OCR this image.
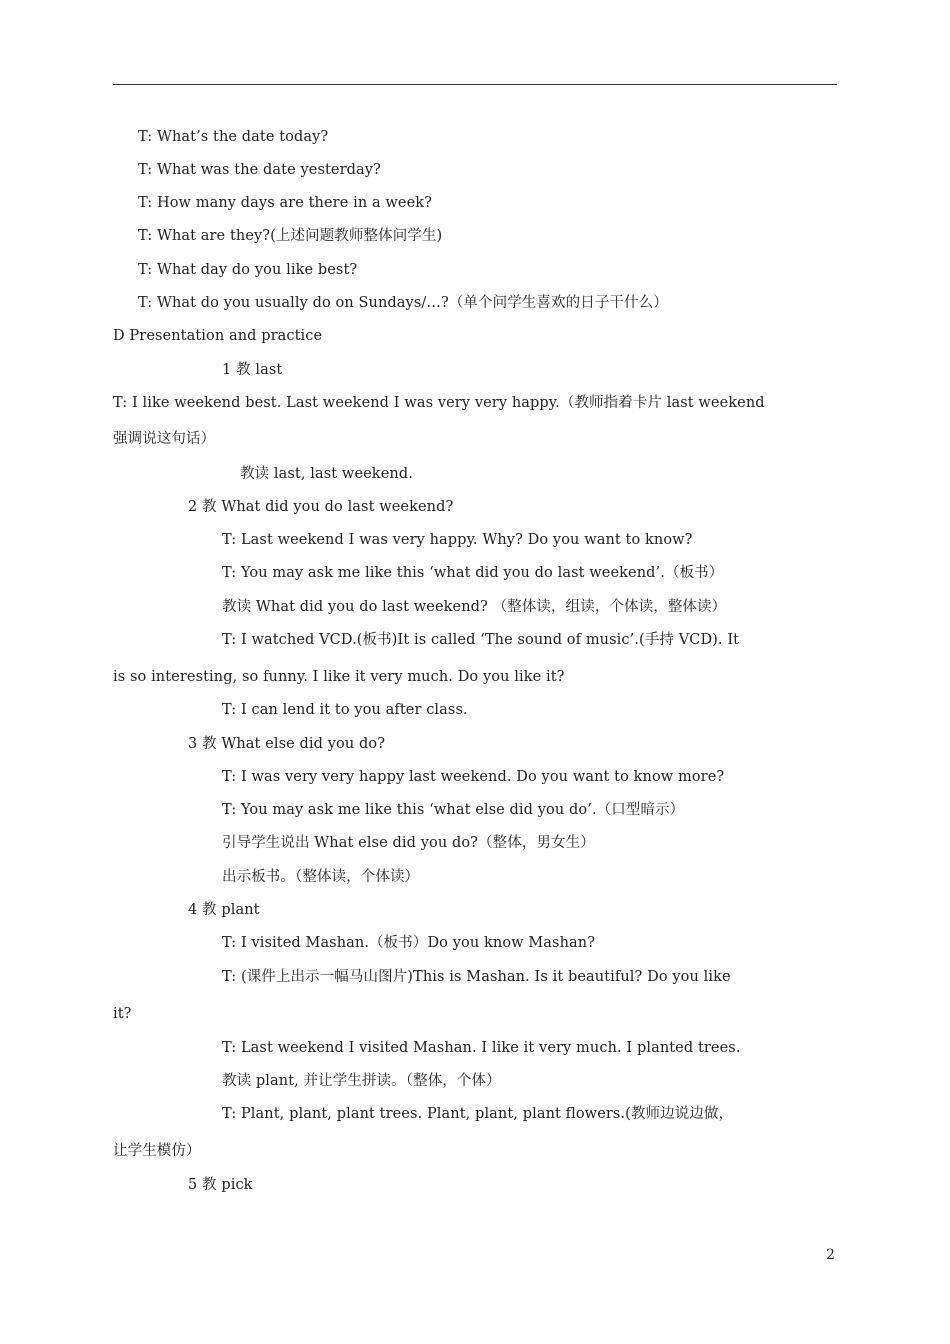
T: What’s the date today?
T: What was the date yesterday?
T: How many days are there in a week?
T: What are they?(上述问题教师整体问学生)
T: What day do you like best?
T: What do you usually do on Sundays/…?（单个问学生喜欢的日子干什么）
D Presentation and practice
1 教 last
T: I like weekend best. Last weekend I was very very happy.（教师指着卡片 last weekend
强调说这句话）
教读 last, last weekend.
2 教 What did you do last weekend?
T: Last weekend I was very happy. Why? Do you want to know?
T: You may ask me like this ‘what did you do last weekend’.（板书）
教读 What did you do last weekend? （整体读，组读，个体读，整体读）
T: I watched VCD.(板书)It is called ‘The sound of music’.(手持 VCD). It
is so interesting, so funny. I like it very much. Do you like it?
T: I can lend it to you after class.
3 教 What else did you do?
T: I was very very happy last weekend. Do you want to know more?
T: You may ask me like this ‘what else did you do’.（口型暗示）
引导学生说出 What else did you do?（整体，男女生）
出示板书。（整体读，个体读）
4 教 plant
T: I visited Mashan.（板书）Do you know Mashan?
T: (课件上出示一幅马山图片)This is Mashan. Is it beautiful? Do you like
it?
T: Last weekend I visited Mashan. I like it very much. I planted trees.
教读 plant, 并让学生拼读。（整体，个体）
T: Plant, plant, plant trees. Plant, plant, plant flowers.(教师边说边做，
让学生模仿）
5 教 pick
2
